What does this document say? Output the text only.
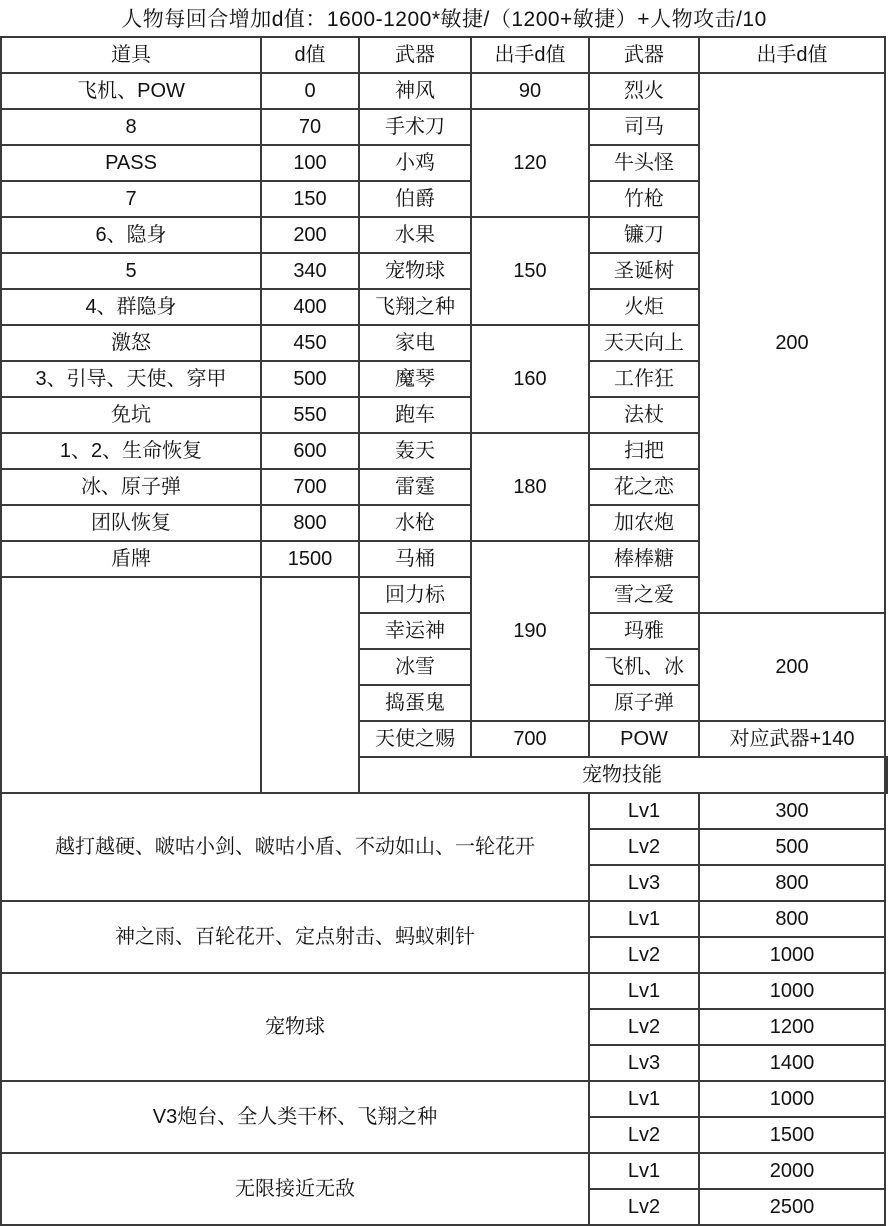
人物每回合增加d值：1600-1200*敏捷/（1200+敏捷）+人物攻击/10
道具	d值	武器	出手d值	武器	出手d值	
飞机、POW	0	神风	90	烈火	200	
8	70	手术刀	120	司马		
PASS	100	小鸡		牛头怪		
7	150	伯爵		竹枪		
6、隐身	200	水果	150	镰刀		
5	340	宠物球		圣诞树		
4、群隐身	400	飞翔之种		火炬		
激怒	450	家电	160	天天向上		
3、引导、天使、穿甲	500	魔琴		工作狂		
免坑	550	跑车		法杖		
1、2、生命恢复	600	轰天	180	扫把		
冰、原子弹	700	雷霆		花之恋		
团队恢复	800	水枪		加农炮		
盾牌	1500	马桶	190	棒棒糖		
		回力标		雪之爱		
		幸运神		玛雅	200	
		冰雪		飞机、冰		
		捣蛋鬼		原子弹		
		天使之赐	700	POW	对应武器+140	
		宠物技能		
越打越硬、啵咕小剑、啵咕小盾、不动如山、一轮花开				Lv1	300	
				Lv2	500	
				Lv3	800	
神之雨、百轮花开、定点射击、蚂蚁刺针				Lv1	800	
				Lv2	1000	
宠物球				Lv1	1000	
				Lv2	1200	
				Lv3	1400	
V3炮台、全人类干杯、飞翔之种				Lv1	1000	
				Lv2	1500	
无限接近无敌				Lv1	2000	
				Lv2	2500	
